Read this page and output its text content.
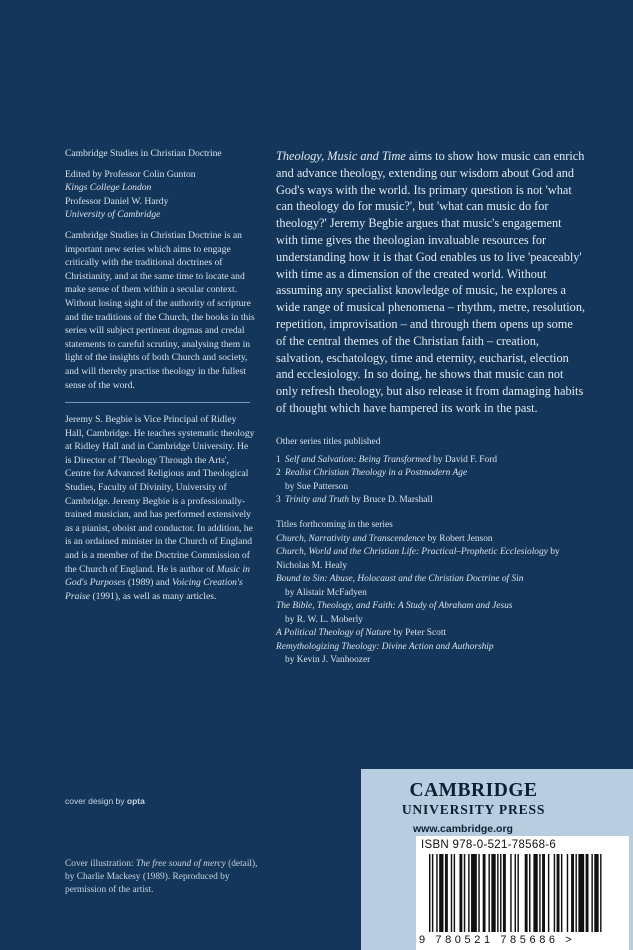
Cambridge Studies in Christian Doctrine

Edited by Professor Colin Gunton
Kings College London
Professor Daniel W. Hardy
University of Cambridge

Cambridge Studies in Christian Doctrine is an important new series which aims to engage critically with the traditional doctrines of Christianity, and at the same time to locate and make sense of them within a secular context. Without losing sight of the authority of scripture and the traditions of the Church, the books in this series will subject pertinent dogmas and credal statements to careful scrutiny, analysing them in light of the insights of both Church and society, and will thereby practise theology in the fullest sense of the word.

Jeremy S. Begbie is Vice Principal of Ridley Hall, Cambridge. He teaches systematic theology at Ridley Hall and in Cambridge University. He is Director of 'Theology Through the Arts', Centre for Advanced Religious and Theological Studies, Faculty of Divinity, University of Cambridge. Jeremy Begbie is a professionally-trained musician, and has performed extensively as a pianist, oboist and conductor. In addition, he is an ordained minister in the Church of England and is a member of the Doctrine Commission of the Church of England. He is author of Music in God's Purposes (1989) and Voicing Creation's Praise (1991), as well as many articles.

Theology, Music and Time aims to show how music can enrich and advance theology, extending our wisdom about God and God's ways with the world. Its primary question is not 'what can theology do for music?', but 'what can music do for theology?' Jeremy Begbie argues that music's engagement with time gives the theologian invaluable resources for understanding how it is that God enables us to live 'peaceably' with time as a dimension of the created world. Without assuming any specialist knowledge of music, he explores a wide range of musical phenomena – rhythm, metre, resolution, repetition, improvisation – and through them opens up some of the central themes of the Christian faith – creation, salvation, eschatology, time and eternity, eucharist, election and ecclesiology. In so doing, he shows that music can not only refresh theology, but also release it from damaging habits of thought which have hampered its work in the past.

Other series titles published

1 Self and Salvation: Being Transformed by David F. Ford
2 Realist Christian Theology in a Postmodern Age
by Sue Patterson
3 Trinity and Truth by Bruce D. Marshall

Titles forthcoming in the series

Church, Narrativity and Transcendence by Robert Jenson
Church, World and the Christian Life: Practical–Prophetic Ecclesiology by Nicholas M. Healy
Bound to Sin: Abuse, Holocaust and the Christian Doctrine of Sin
by Alistair McFadyen
The Bible, Theology, and Faith: A Study of Abraham and Jesus
by R. W. L. Moberly
A Political Theology of Nature by Peter Scott
Remythologizing Theology: Divine Action and Authorship
by Kevin J. Vanhoozer
cover design by opta
Cover illustration: The free sound of mercy (detail), by Charlie Mackesy (1989). Reproduced by permission of the artist.
CAMBRIDGE
UNIVERSITY PRESS
www.cambridge.org
ISBN 978-0-521-78568-6
9 780521 785686 >
